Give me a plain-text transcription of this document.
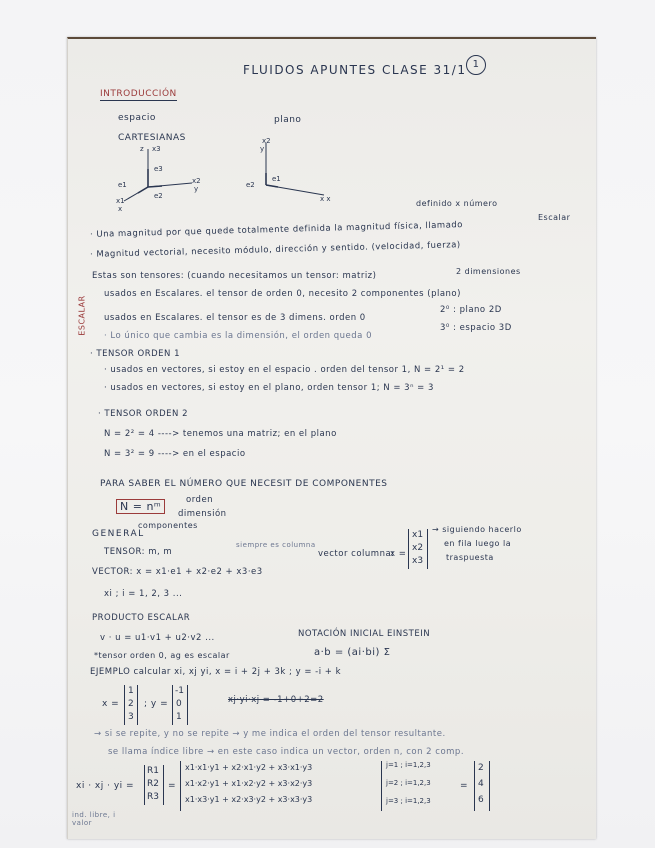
FLUIDOS APUNTES CLASE 31/1 1
INTRODUCCIÓN
espacio	plano
CARTESIANAS
z x3
e3
e1
e2
x2
y
x1
x
x2
y
e2
e1
x x	definido x número
Escalar
· Una magnitud por que quede totalmente definida la magnitud física, llamado
· Magnitud vectorial, necesito módulo, dirección y sentido. (velocidad, fuerza)
Estas son tensores: (cuando necesitamos un tensor: matriz)	2 dimensiones
ESCALAR
usados en Escalares. el tensor de orden 0, necesito 2 componentes (plano)
usados en Escalares. el tensor es de 3 dimens. orden 0
2⁰ : plano 2D
3⁰ : espacio 3D
· Lo único que cambia es la dimensión, el orden queda 0
· TENSOR ORDEN 1
· usados en vectores, si estoy en el espacio . orden del tensor 1, N = 2¹ = 2
· usados en vectores, si estoy en el plano, orden tensor 1; N = 3ⁿ = 3
· TENSOR ORDEN 2
N = 2² = 4 ----> tenemos una matriz; en el plano
N = 3² = 9 ----> en el espacio
PARA SABER EL NÚMERO QUE NECESIT DE COMPONENTES
N = nᵐ	orden
dimensión
componentes
GENERAL
TENSOR: m, m
siempre es columna
vector columna:
x =
x1
x2
x3
→ siguiendo hacerlo
en fila luego la
traspuesta
VECTOR: x = x1·e1 + x2·e2 + x3·e3
xi ; i = 1, 2, 3 ...
PRODUCTO ESCALAR
v · u = u1·v1 + u2·v2 ...
*tensor orden 0, ag es escalar
NOTACIÓN INICIAL EINSTEIN
a·b = (ai·bi) Σ
EJEMPLO calcular xi, xj yi, x = i + 2j + 3k ; y = -i + k
x =
1
2
3
; y =
-1
0
1
xj·yi·xj = -1+0+2=2
→ si se repite, y no se repite → y me indica el orden del tensor resultante.
se llama índice libre → en este caso indica un vector, orden n, con 2 comp.
xi · xj · yi =
R1
R2
R3
=
x1·x1·y1 + x2·x1·y2 + x3·x1·y3
x1·x2·y1 + x1·x2·y2 + x3·x2·y3
x1·x3·y1 + x2·x3·y2 + x3·x3·y3
j=1 ; i=1,2,3
j=2 ; i=1,2,3
j=3 ; i=1,2,3
=
2
4
6
ind. libre, i valor
